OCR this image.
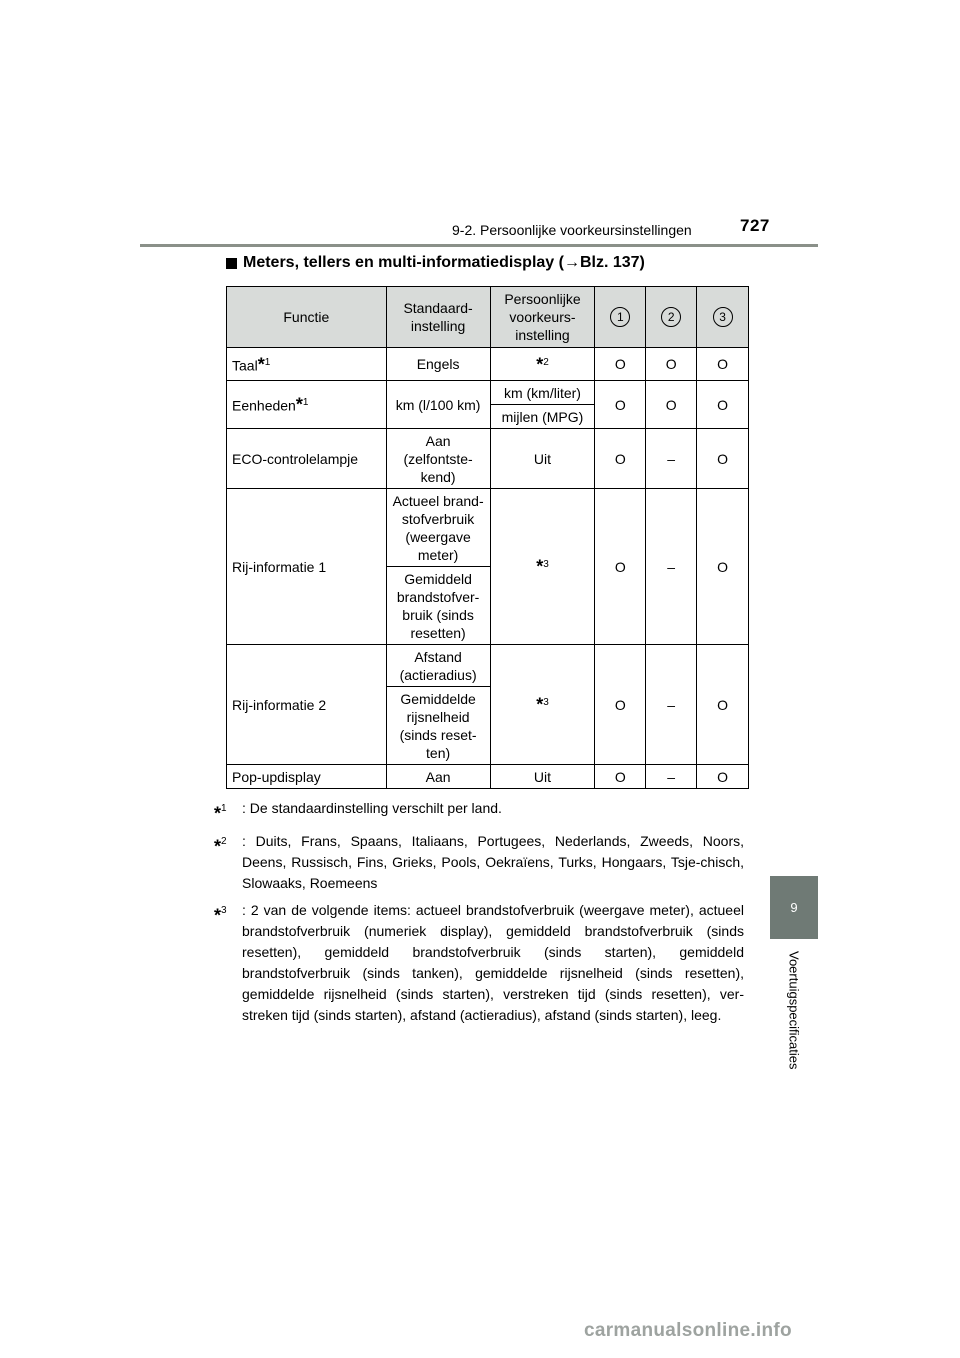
9-2. Persoonlijke voorkeursinstellingen	727
9
Voertuigspecificaties
Meters, tellers en multi-informatiedisplay (→Blz. 137)
Functie	Standaard-instelling	Persoonlijke voorkeurs-instelling	1	2	3
Taal*$^1$	Engels	*$^2$	O	O	O
Eenheden*$^1$	km (l/100 km)	km (km/liter)	O	O	O
		mijlen (MPG)			
ECO-controlelampje	Aan (zelfontste-kend)	Uit	O	–	O
Rij-informatie 1	Actueel brand-stofverbruik (weergave meter)	*$^3$	O	–	O
	Gemiddeld brandstofver-bruik (sinds resetten)				
Rij-informatie 2	Afstand (actieradius)	*$^3$	O	–	O
	Gemiddelde rijsnelheid (sinds reset-ten)				
Pop-updisplay	Aan	Uit	O	–	O
*$^1$	: De standaardinstelling verschilt per land.
*$^2$	: Duits, Frans, Spaans, Italiaans, Portugees, Nederlands, Zweeds, Noors, Deens, Russisch, Fins, Grieks, Pools, Oekraïens, Turks, Hongaars, Tsje-chisch, Slowaaks, Roemeens
*$^3$	: 2 van de volgende items: actueel brandstofverbruik (weergave meter), actueel brandstofverbruik (numeriek display), gemiddeld brandstofverbruik (sinds resetten), gemiddeld brandstofverbruik (sinds starten), gemiddeld brandstofverbruik (sinds tanken), gemiddelde rijsnelheid (sinds resetten), gemiddelde rijsnelheid (sinds starten), verstreken tijd (sinds resetten), ver-streken tijd (sinds starten), afstand (actieradius), afstand (sinds starten), leeg.
carmanualsonline.info
